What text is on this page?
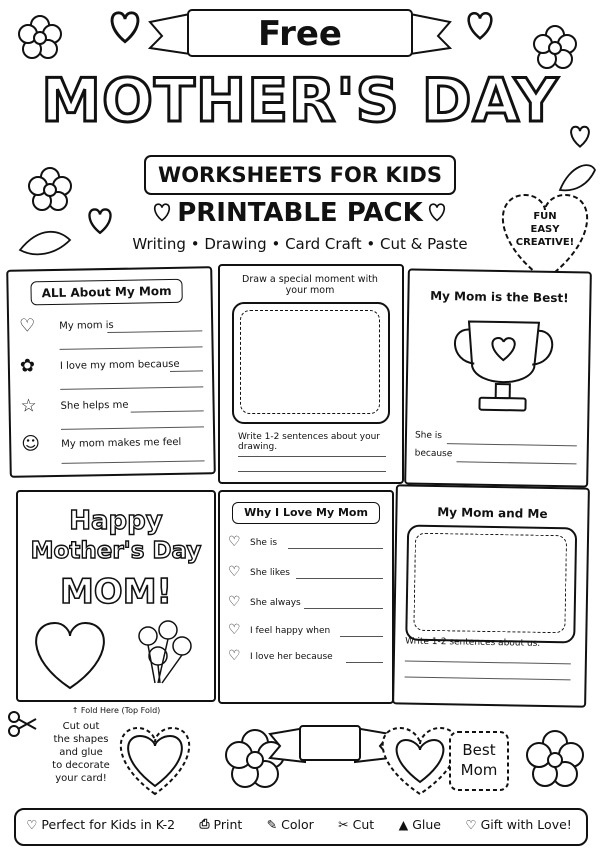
Free
MOTHER'S DAY
WORKSHEETS FOR KIDS
PRINTABLE PACK
Writing • Drawing • Card Craft • Cut & Paste
FUN
EASY
CREATIVE!
ALL About My Mom
♡ My mom is
✿ I love my mom because
☆ She helps me
☺ My mom makes me feel
Draw a special moment with your mom
Write 1-2 sentences about your drawing.
My Mom is the Best!
She is
because
Happy
Mother's Day
MOM!
↑ Fold Here (Top Fold)
Why I Love My Mom
♡ She is
♡ She likes
♡ She always
♡ I feel happy when
♡ I love her because
My Mom and Me
Write 1-2 sentences about us.
Cut out
the shapes
and glue
to decorate
your card!
Best
Mom
♡ Perfect for Kids in K-2 ⎙ Print ✎ Color ✂ Cut ▲ Glue ♡ Gift with Love!
